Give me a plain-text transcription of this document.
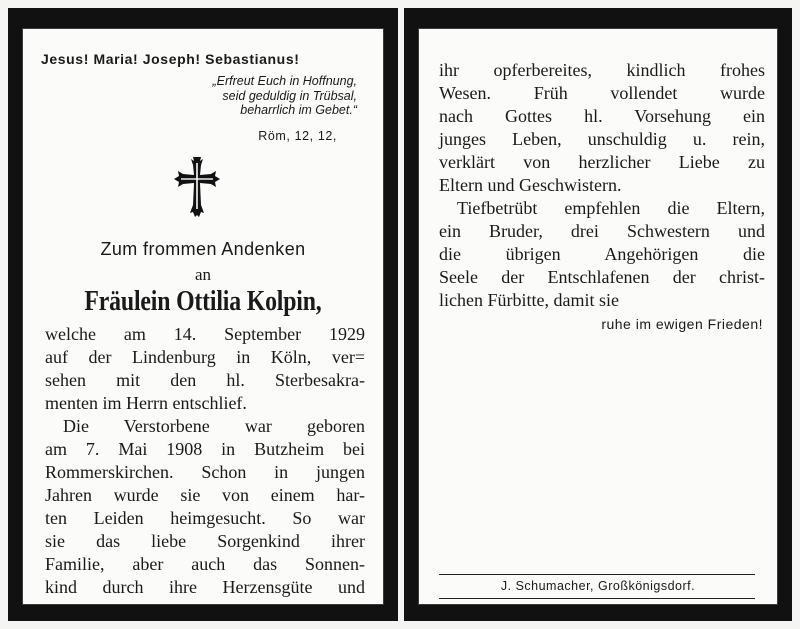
Jesus! Maria! Joseph! Sebastianus!
„Erfreut Euch in Hoffnung,
seid geduldig in Trübsal,
beharrlich im Gebet.“
Röm, 12, 12,
Zum frommen Andenken
an
Fräulein Ottilia Kolpin,
welche am 14. September 1929
auf der Lindenburg in Köln, ver=
sehen mit den hl. Sterbesakra-
menten im Herrn entschlief.
Die Verstorbene war geboren
am 7. Mai 1908 in Butzheim bei
Rommerskirchen. Schon in jungen
Jahren wurde sie von einem har-
ten Leiden heimgesucht. So war
sie das liebe Sorgenkind ihrer
Familie, aber auch das Sonnen-
kind durch ihre Herzensgüte und
ihr opferbereites, kindlich frohes
Wesen. Früh vollendet wurde
nach Gottes hl. Vorsehung ein
junges Leben, unschuldig u. rein,
verklärt von herzlicher Liebe zu
Eltern und Geschwistern.
Tiefbetrübt empfehlen die Eltern,
ein Bruder, drei Schwestern und
die übrigen Angehörigen die
Seele der Entschlafenen der christ-
lichen Fürbitte, damit sie
ruhe im ewigen Frieden!
J. Schumacher, Großkönigsdorf.
